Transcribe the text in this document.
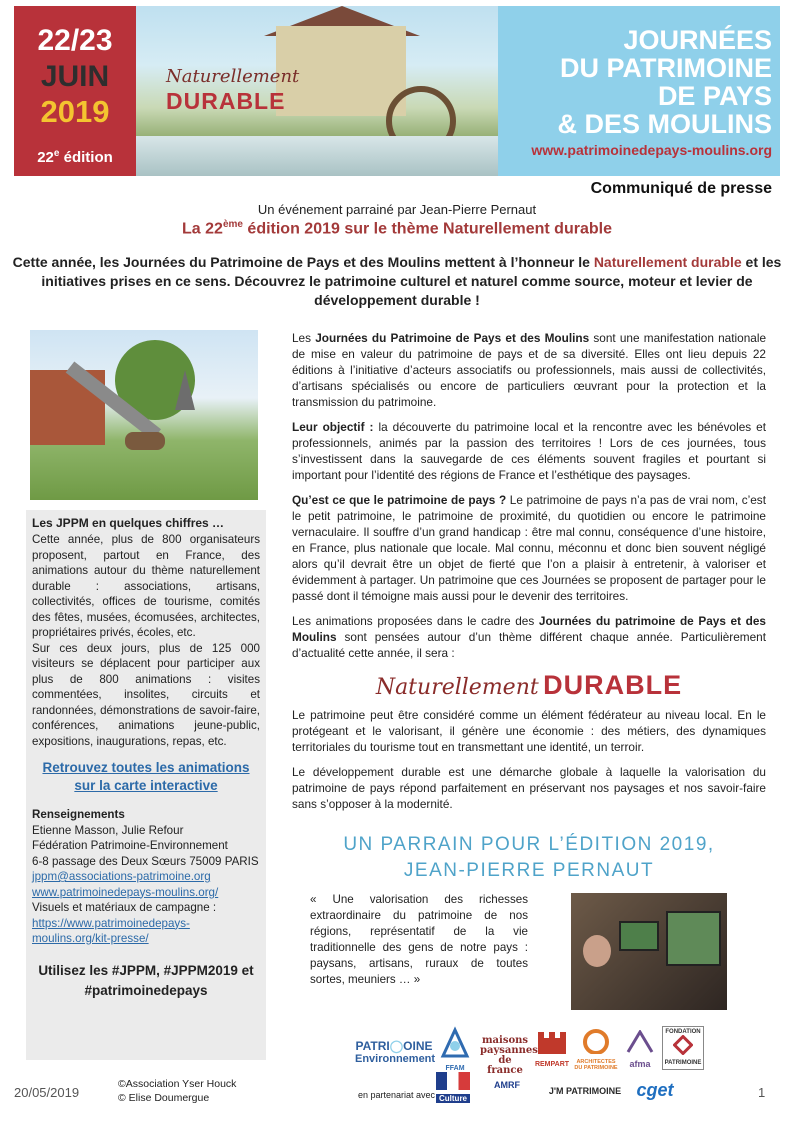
22/23
JUIN
2019
22e édition
Naturellement
DURABLE
JOURNÉES
DU PATRIMOINE
DE PAYS
& DES MOULINS
www.patrimoinedepays-moulins.org
Communiqué de presse
Un événement parrainé par Jean-Pierre Pernaut
La 22ème édition 2019 sur le thème Naturellement durable
Cette année, les Journées du Patrimoine de Pays et des Moulins mettent à l’honneur le Naturellement durable et les initiatives prises en ce sens. Découvrez le patrimoine culturel et naturel comme source, moteur et levier de développement durable !
Les JPPM en quelques chiffres …

Cette année, plus de 800 organisateurs proposent, partout en France, des animations autour du thème naturellement durable : associations, artisans, collectivités, offices de tourisme, comités des fêtes, musées, écomusées, architectes, propriétaires privés, écoles, etc.

Sur ces deux jours, plus de 125 000 visiteurs se déplacent pour participer aux plus de 800 animations : visites commentées, insolites, circuits et randonnées, démonstrations de savoir-faire, conférences, animations jeune-public, expositions, inaugurations, repas, etc.

Retrouvez toutes les animations sur la carte interactive
Renseignements
Etienne Masson, Julie Refour
Fédération Patrimoine-Environnement
6-8 passage des Deux Sœurs 75009 PARIS
jppm@associations-patrimoine.org
www.patrimoinedepays-moulins.org/
Visuels et matériaux de campagne :
https://www.patrimoinedepays-moulins.org/kit-presse/
Utilisez les #JPPM, #JPPM2019 et #patrimoinedepays

Les Journées du Patrimoine de Pays et des Moulins sont une manifestation nationale de mise en valeur du patrimoine de pays et de sa diversité. Elles ont lieu depuis 22 éditions à l’initiative d’acteurs associatifs ou professionnels, mais aussi de collectivités, d’artisans spécialisés ou encore de particuliers œuvrant pour la protection et la transmission du patrimoine.

Leur objectif : la découverte du patrimoine local et la rencontre avec les bénévoles et professionnels, animés par la passion des territoires ! Lors de ces journées, tous s’investissent dans la sauvegarde de ces éléments souvent fragiles et pourtant si important pour l’identité des régions de France et l’esthétique des paysages.

Qu’est ce que le patrimoine de pays ? Le patrimoine de pays n’a pas de vrai nom, c’est le petit patrimoine, le patrimoine de proximité, du quotidien ou encore le patrimoine vernaculaire. Il souffre d’un grand handicap : être mal connu, conséquence d’une histoire, en France, plus nationale que locale. Mal connu, méconnu et donc bien souvent négligé alors qu’il devrait être un objet de fierté que l’on a plaisir à entretenir, à valoriser et évidemment à partager. Un patrimoine que ces Journées se proposent de partager pour le passé dont il témoigne mais aussi pour le devenir des territoires.

Les animations proposées dans le cadre des Journées du patrimoine de Pays et des Moulins sont pensées autour d’un thème différent chaque année. Particulièrement d’actualité cette année, il sera :

Naturellement DURABLE

Le patrimoine peut être considéré comme un élément fédérateur au niveau local. En le protégeant et le valorisant, il génère une économie : des métiers, des dynamiques territoriales du tourisme tout en transmettant une identité, un terroir.

Le développement durable est une démarche globale à laquelle la valorisation du patrimoine de pays répond parfaitement en préservant nos paysages et nos savoir-faire sans s’opposer à la modernité.

UN PARRAIN POUR L’ÉDITION 2019,
JEAN-PIERRE PERNAUT
« Une valorisation des richesses extraordinaire du patrimoine de nos régions, représentatif de la vie traditionnelle des gens de notre pays : paysans, artisans, ruraux de toutes sortes, meuniers … »
PATRI◯OINE
Environnement
FFAM
maisons paysannes de france
REMPART	ARCHITECTES DU PATRIMOINE	afma
FONDATION
PATRIMOINE
en partenariat avec Culture
AMRF
J'M PATRIMOINE cget
20/05/2019
©Association Yser Houck
© Elise Doumergue	1
